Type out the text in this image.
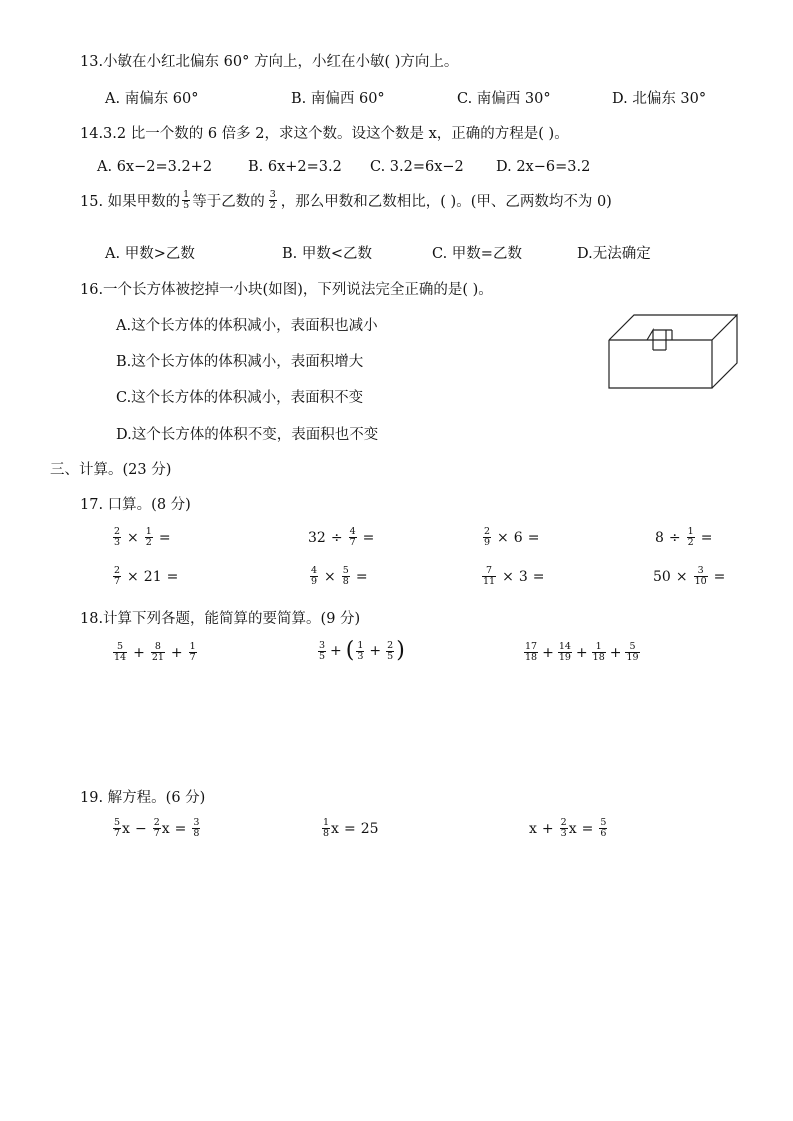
13.小敏在小红北偏东 60° 方向上，小红在小敏( )方向上。
A. 南偏东 60°	B. 南偏西 60°	C. 南偏西 30°	D. 北偏东 30°
14.3.2 比一个数的 6 倍多 2，求这个数。设这个数是 x，正确的方程是( )。
A. 6x−2=3.2+2 B. 6x+2=3.2 C. 3.2=6x−2 D. 2x−6=3.2
15. 如果甲数的 $\frac{1}{5}$ 等于乙数的 $\frac{3}{2}$ ，那么甲数和乙数相比，( )。(甲、乙两数均不为 0)
A. 甲数>乙数	B. 甲数<乙数	C. 甲数=乙数	D.无法确定
16.一个长方体被挖掉一小块(如图)，下列说法完全正确的是( )。
A.这个长方体的体积减小，表面积也减小
B.这个长方体的体积减小，表面积增大
C.这个长方体的体积减小，表面积不变
D.这个长方体的体积不变，表面积也不变
三、计算。(23 分)
17. 口算。(8 分)
$\frac{2}{3} \times \frac{1}{2}$ =	$32 \div \frac{4}{7}$ =	$\frac{2}{9} \times 6$ =	$8 \div \frac{1}{2}$ =
$\frac{2}{7} \times 21$ =	$\frac{4}{9} \times \frac{5}{8}$ =	$\frac{7}{11} \times 3$ =	$50 \times \frac{3}{10}$ =
18.计算下列各题，能简算的要简算。(9 分)
$\frac{5}{14} + \frac{8}{21} + \frac{1}{7}$	$\frac{3}{5}$ + ( $\frac{1}{3} + \frac{2}{5}$ )	$\frac{17}{18} + \frac{14}{19} + \frac{1}{18} + \frac{5}{19}$
19. 解方程。(6 分)
$\frac{5}{7}$ $x - \frac{2}{7}$ $x = \frac{3}{8}$	$\frac{1}{8}$ x = 25	$x + \frac{2}{3}$ $x = \frac{5}{6}$
